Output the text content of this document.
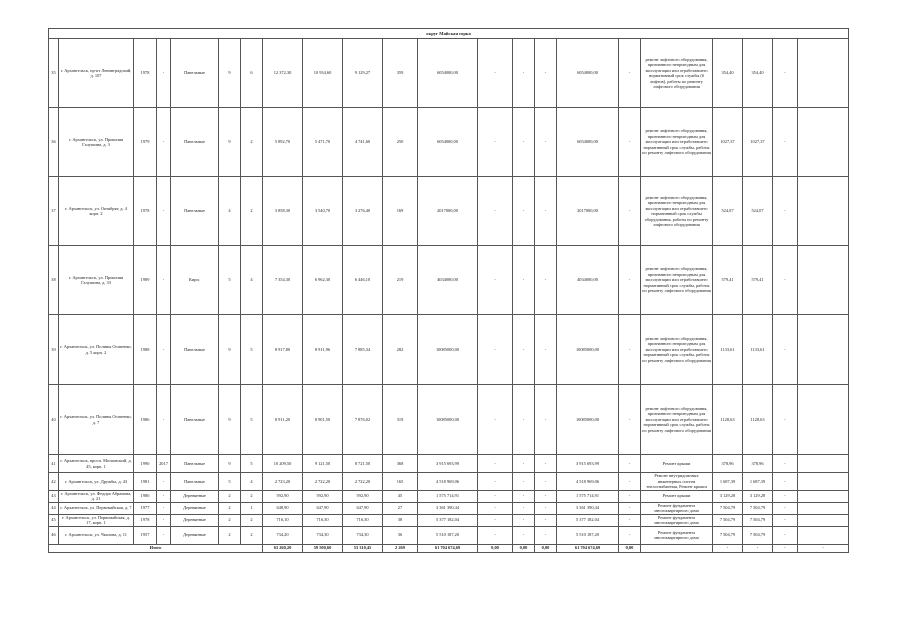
округ Майская горка																					
35	г. Архангельск, пр-кт Ленинградский, д. 107	1978	-	Панельные	9	6	12 372,30	10 934,60	9 129,27	359	6054000,00	-	-	-	6054000,00	-	ремонт лифтового оборудования, признанного непригодным для эксплуатации или отработавшего нормативный срок службы (6 лифтов), работы по ремонту лифтового оборудования	354,40	354,40	-	
36	г. Архангельск, ул. Прокопия Галушина, д. 3	1979	-	Панельные	9	2	5 892,70	5 471,70	4 741,60	250	6054000,00	-	-	-	6054000,00	-	ремонт лифтового оборудования, признанного непригодным для эксплуатации или отработавшего нормативный срок службы, работы по ремонту лифтового оборудования	1027,37	1027,37	-	
37	г. Архангельск, ул. Октябрят, д. 4 корп. 2	1978	-	Панельные	4	2	3 858,30	3 540,70	3 276,40	169	2017000,00	-	-	-	2017000,00	-	ремонт лифтового оборудования, признанного непригодным для эксплуатации или отработавшего нормативный срок службы оборудования, работы по ремонту лифтового оборудования	524,07	524,07	-	
38	г. Архангельск, ул. Прокопия Галушина, д. 33	1989	-	Кирп.	5	4	7 354,30	6 962,30	6 446,10	219	4034000,00	-	-	-	4034000,00	-	ремонт лифтового оборудования, признанного непригодным для эксплуатации или отработавшего нормативный срок службы, работы по ремонту лифтового оборудования	579,41	579,41	-	
39	г. Архангельск, ул. Полины Осипенко, д. 5 корп. 2	1988	-	Панельные	9	5	8 917,80	8 911,96	7 885,34	282	10085000,00	-	-	-	10085000,00	-	ремонт лифтового оборудования, признанного непригодным для эксплуатации или отработавшего нормативный срок службы, работы по ремонту лифтового оборудования	1133,61	1133,61	-	
40	г. Архангельск, ул. Полины Осипенко, д. 7	1986	-	Панельные	9	5	8 911,20	8 901,50	7 876,02	319	10085000,00	-	-	-	10085000,00	-	ремонт лифтового оборудования, признанного непригодным для эксплуатации или отработавшего нормативный срок службы, работы по ремонту лифтового оборудования	1128,63	1128,63	-	
41	г. Архангельск, просп. Московский, д. 45, корп. 1	1990	2017	Панельные	9	5	10 209,50	9 121,50	8 721,50	368	3 915 693,99	-	-	-	3 915 693,99	-	Ремонт крыши	378,96	378,96	-	
42	г. Архангельск, ул. Дружбы, д. 43	1981	-	Панельные	5	4	2 723,20	2 722,20	2 722,20	165	4 518 969,06	-	-	-	4 518 969,06	-	Ремонт внутридомовых инженерных систем теплоснабжения, Ремонт крыши	1 687,39	1 687,39	-	
43	г. Архангельск, ул. Федора Абрамова, д. 21	1980	-	Деревянные	2	2	592,90	592,90	592,90	45	1 575 714,91	-	-	-	1 575 714,91	-	Ремонт крыши	3 129,28	3 129,28	-	
44	г. Архангельск, ул. Первомайская, д. 7	1977	-	Деревянные	2	1	648,90	647,90	647,90	27	3 361 390,44	-	-	-	3 361 390,44	-	Ремонт фундамента многоквартирного дома	7 504,79	7 504,79	-	
45	г. Архангельск, ул. Первомайская, д. 17, корп. 1	1978	-	Деревянные	2	2	716,10	716,30	716,30	38	5 377 182,04	-	-	-	5 377 182,04	-	Ремонт фундамента многоквартирного дома	7 504,79	7 504,79	-	
46	г. Архангельск, ул. Чкалова, д. 11	1957	-	Деревянные	2	2	734,20	734,30	734,30	36	5 510 187,20	-	-	-	5 510 187,20	-	Ремонт фундамента многоквартирного дома	7 504,79	7 504,79	-	
Итого							63 260,20	59 500,60	53 310,45	2 269	61 704 674,69	0,00	0,00	0,00	61 704 674,69	0,00		-	-	-	-
